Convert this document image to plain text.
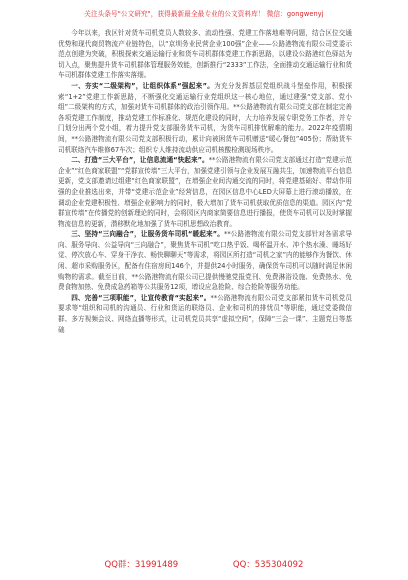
关注头条号"公文研究"，获得最新最全最专业的公文资料库！ 微信：gongwenyj

今年以来，我区针对货车司机党员人数较多、流动性强、党建工作落地难等问题，结合区位交通优势和现代商贸物流产业链特色，以“京圳务业民营企业100强”企业——公路港物流有限公司党委示范点创建为突破，积极探索交通运输行业和货车司机群体党建工作新思路，以建设公路港红色驿站为切入点，聚焦提升货车司机群体管理服务效能，创新推行“2333”工作法，全面推动交通运输行业和货车司机群体党建工作落实落细。

一、夯实“二级架构”，让组织体系“强起来”。为充分发挥基层党组织战斗堡垒作用，积极探索“1+2”党建工作新思路，不断强化交通运输行业党组织这一核心地位，通过建强“党支部、党小组”二级架构的方式，加强对货车司机群体的政治引领作用。**公路港物流有限公司党支部在制定完善各项党建工作制度，推动党建工作标准化、规范化建设的同时，大力培养发展专职党务工作者，并专门划分出两个党小组，着力提升党支部服务货车司机，为货车司机排忧解难的能力。2022年疫情期间，**公路港物流有限公司党支部积极行动，累计向被困货车司机赠送“暖心餐包”405份；帮助货车司机联络汽车维修67车次；组织专人维持流动供应司机核酸检测现场秩序。

二、打造“三大平台”，让信息流通“快起来”。**公路港物流有限公司党支部通过打造“党建示范企业”“红色商家联盟”“党群宣传墙”三大平台，加强党建引领与企业发展互融共生，加速物流平台信息更新，党支部邀请过组建“红色商家联盟”，在增强企业间沟通交流的同时，将党建基础好、带动作用强的企业推选出来，并带“党建示范企业”经营信息，在园区信息中心LED大屏幕上进行滚动播放，在调动企业党建积极性、增强企业影响力的同时，极大增加了货车司机获取优质信息的渠道。园区内“党群宣传墙”在传播党的创新理论的同时，会将园区内商家简要信息进行播报，使货车司机可以及时掌握物流信息的更新，潜移默化地加强了货车司机思想政治教育。

三、坚持“三向融合”，让服务货车司机“暖起来”。**公路港物流有限公司党支部针对各需求导向、服务导向、公益导向“三向融合”，聚焦货车司机“吃口热乎饭、喝杯温开水、冲个热水澡、睡场好觉、停次放心车、穿身干净衣、畅快聊聊天”等需求，将园区所打造“司机之家”内的能够作为餐饮、休闲、超市采购服务区，配备有住宿房间146个，并提供24小时服务，确保货车司机可以随时满足休闲购物的需求。截至目前，**公路港物流有限公司已提供慢驰党报党刊、免费淋浴设施、免费热水、免费食物加热、免费成急药箱等公共服务12项，增设应急抢险、综合抢险等服务功能。

四、完善“三项职能”，让宣传教育“实起来”。**公路港物流有限公司党支部紧扣货车司机党员要求等“组织和司机的沟通员、行业和货运的联络员、企业和司机的排忧员”等职能，通过党委微信群、多方视频会议、网络直播等形式，让司机党员共享“虚拟空间”，保障“三会一课”、主题党日等基础

QQ群：31991489	QQ：535304092
